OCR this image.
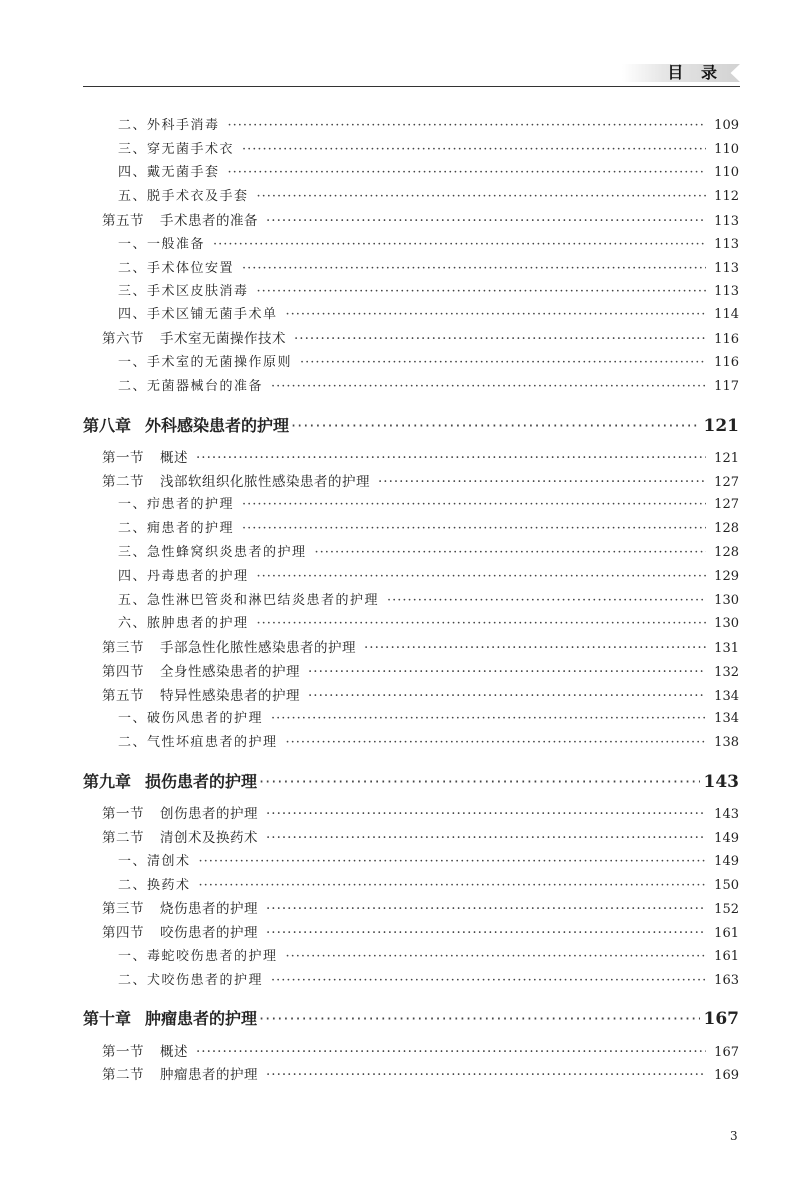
目 录
二、外科手消毒 ·····	109
三、穿无菌手术衣 ·····	110
四、戴无菌手套 ·····	110
五、脱手术衣及手套 ·····	112
第五节 手术患者的准备 ·····	113
一、一般准备 ·····	113
二、手术体位安置 ·····	113
三、手术区皮肤消毒 ·····	113
四、手术区铺无菌手术单 ·····	114
第六节 手术室无菌操作技术 ·····	116
一、手术室的无菌操作原则 ·····	116
二、无菌器械台的准备 ·····	117
第八章 外科感染患者的护理 ·····	121
第一节 概述 ·····	121
第二节 浅部软组织化脓性感染患者的护理 ·····	127
一、疖患者的护理 ·····	127
二、痈患者的护理 ·····	128
三、急性蜂窝织炎患者的护理 ·····	128
四、丹毒患者的护理 ·····	129
五、急性淋巴管炎和淋巴结炎患者的护理 ·····	130
六、脓肿患者的护理 ·····	130
第三节 手部急性化脓性感染患者的护理 ·····	131
第四节 全身性感染患者的护理 ·····	132
第五节 特异性感染患者的护理 ·····	134
一、破伤风患者的护理 ·····	134
二、气性坏疽患者的护理 ·····	138
第九章 损伤患者的护理 ·····	143
第一节 创伤患者的护理 ·····	143
第二节 清创术及换药术 ·····	149
一、清创术 ·····	149
二、换药术 ·····	150
第三节 烧伤患者的护理 ·····	152
第四节 咬伤患者的护理 ·····	161
一、毒蛇咬伤患者的护理 ·····	161
二、犬咬伤患者的护理 ·····	163
第十章 肿瘤患者的护理 ·····	167
第一节 概述 ·····	167
第二节 肿瘤患者的护理 ·····	169
3
